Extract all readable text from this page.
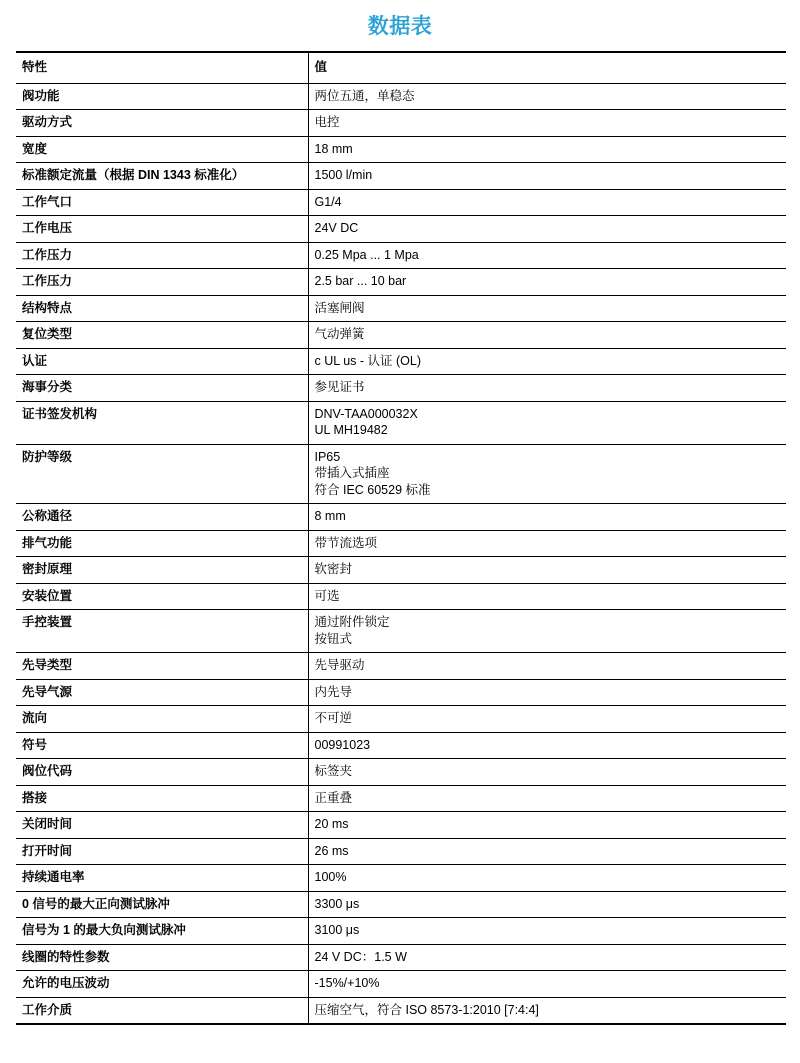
数据表
特性	值
阀功能	两位五通，单稳态

驱动方式	电控

宽度	18 mm

标准额定流量（根据 DIN 1343 标准化）	1500 l/min

工作气口	G1/4

工作电压	24V DC

工作压力	0.25 Mpa ... 1 Mpa

工作压力	2.5 bar ... 10 bar

结构特点	活塞闸阀

复位类型	气动弹簧

认证	c UL us - 认证 (OL)

海事分类	参见证书

证书签发机构	DNV-TAA000032X
UL MH19482

防护等级	IP65
带插入式插座
符合 IEC 60529 标准

公称通径	8 mm

排气功能	带节流选项

密封原理	软密封

安装位置	可选

手控装置	通过附件锁定
按钮式

先导类型	先导驱动

先导气源	内先导

流向	不可逆

符号	00991023

阀位代码	标签夹

搭接	正重叠

关闭时间	20 ms

打开时间	26 ms

持续通电率	100%

0 信号的最大正向测试脉冲	3300 μs

信号为 1 的最大负向测试脉冲	3100 μs

线圈的特性参数	24 V DC：1.5 W

允许的电压波动	-15%/+10%

工作介质	压缩空气，符合 ISO 8573-1:2010 [7:4:4]
